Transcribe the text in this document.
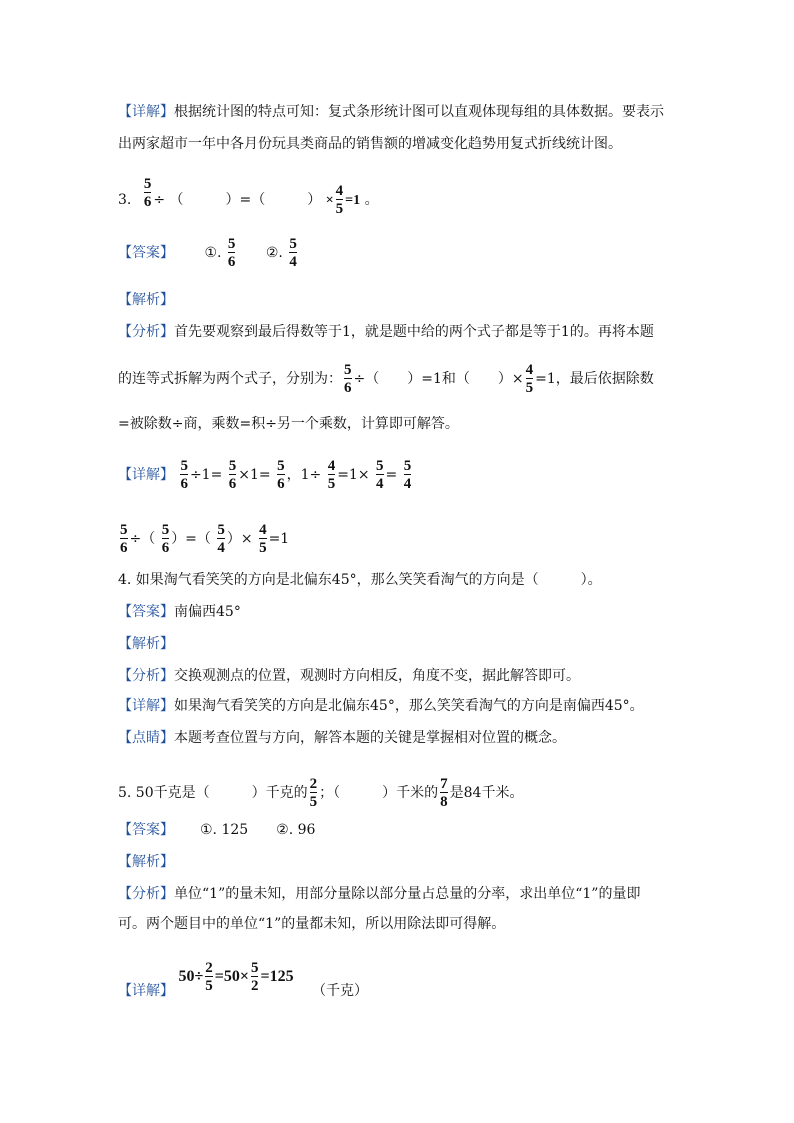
【详解】根据统计图的特点可知：复式条形统计图可以直观体现每组的具体数据。要表示
出两家超市一年中各月份玩具类商品的销售额的增减变化趋势用复式折线统计图。
3. $\frac{5}{6}$ ÷ （　　　）=（　　　） × $\frac{4}{5} =1$ 。
【答案】 ①. $\frac{5}{6}$ ②. $\frac{5}{4}$
【解析】
【分析】首先要观察到最后得数等于1，就是题中给的两个式子都是等于1的。再将本题
的连等式拆解为两个式子，分别为： $\frac{5}{6}$ ÷（　　）=1和（　　）× $\frac{4}{5} =1$，最后依据除数
=被除数÷商，乘数=积÷另一个乘数，计算即可解答。
【详解】 $\frac{5}{6} \div 1= \frac{5}{6} \times 1= \frac{5}{6}$ ，$1\div \frac{4}{5} =1\times \frac{5}{4} = \frac{5}{4}$
$\frac{5}{6}$ ÷（ $\frac{5}{6}$ ）=（ $\frac{5}{4}$ ）× $\frac{4}{5} =1$
4. 如果淘气看笑笑的方向是北偏东45°，那么笑笑看淘气的方向是（　　　）。
【答案】南偏西45°
【解析】
【分析】交换观测点的位置，观测时方向相反，角度不变，据此解答即可。
【详解】如果淘气看笑笑的方向是北偏东45°，那么笑笑看淘气的方向是南偏西45°。
【点睛】本题考查位置与方向，解答本题的关键是掌握相对位置的概念。
5. 50千克是（　　　）千克的 $\frac{2}{5}$ ；（　　　）千米的 $\frac{7}{8}$ 是84千米。
【答案】 ①. 125　　②. 96
【解析】
【分析】单位“1”的量未知，用部分量除以部分量占总量的分率，求出单位“1”的量即
可。两个题目中的单位“1”的量都未知，所以用除法即可得解。
【详解】 $50\div \frac{2}{5} =50\times \frac{5}{2} =125$ （千克）
